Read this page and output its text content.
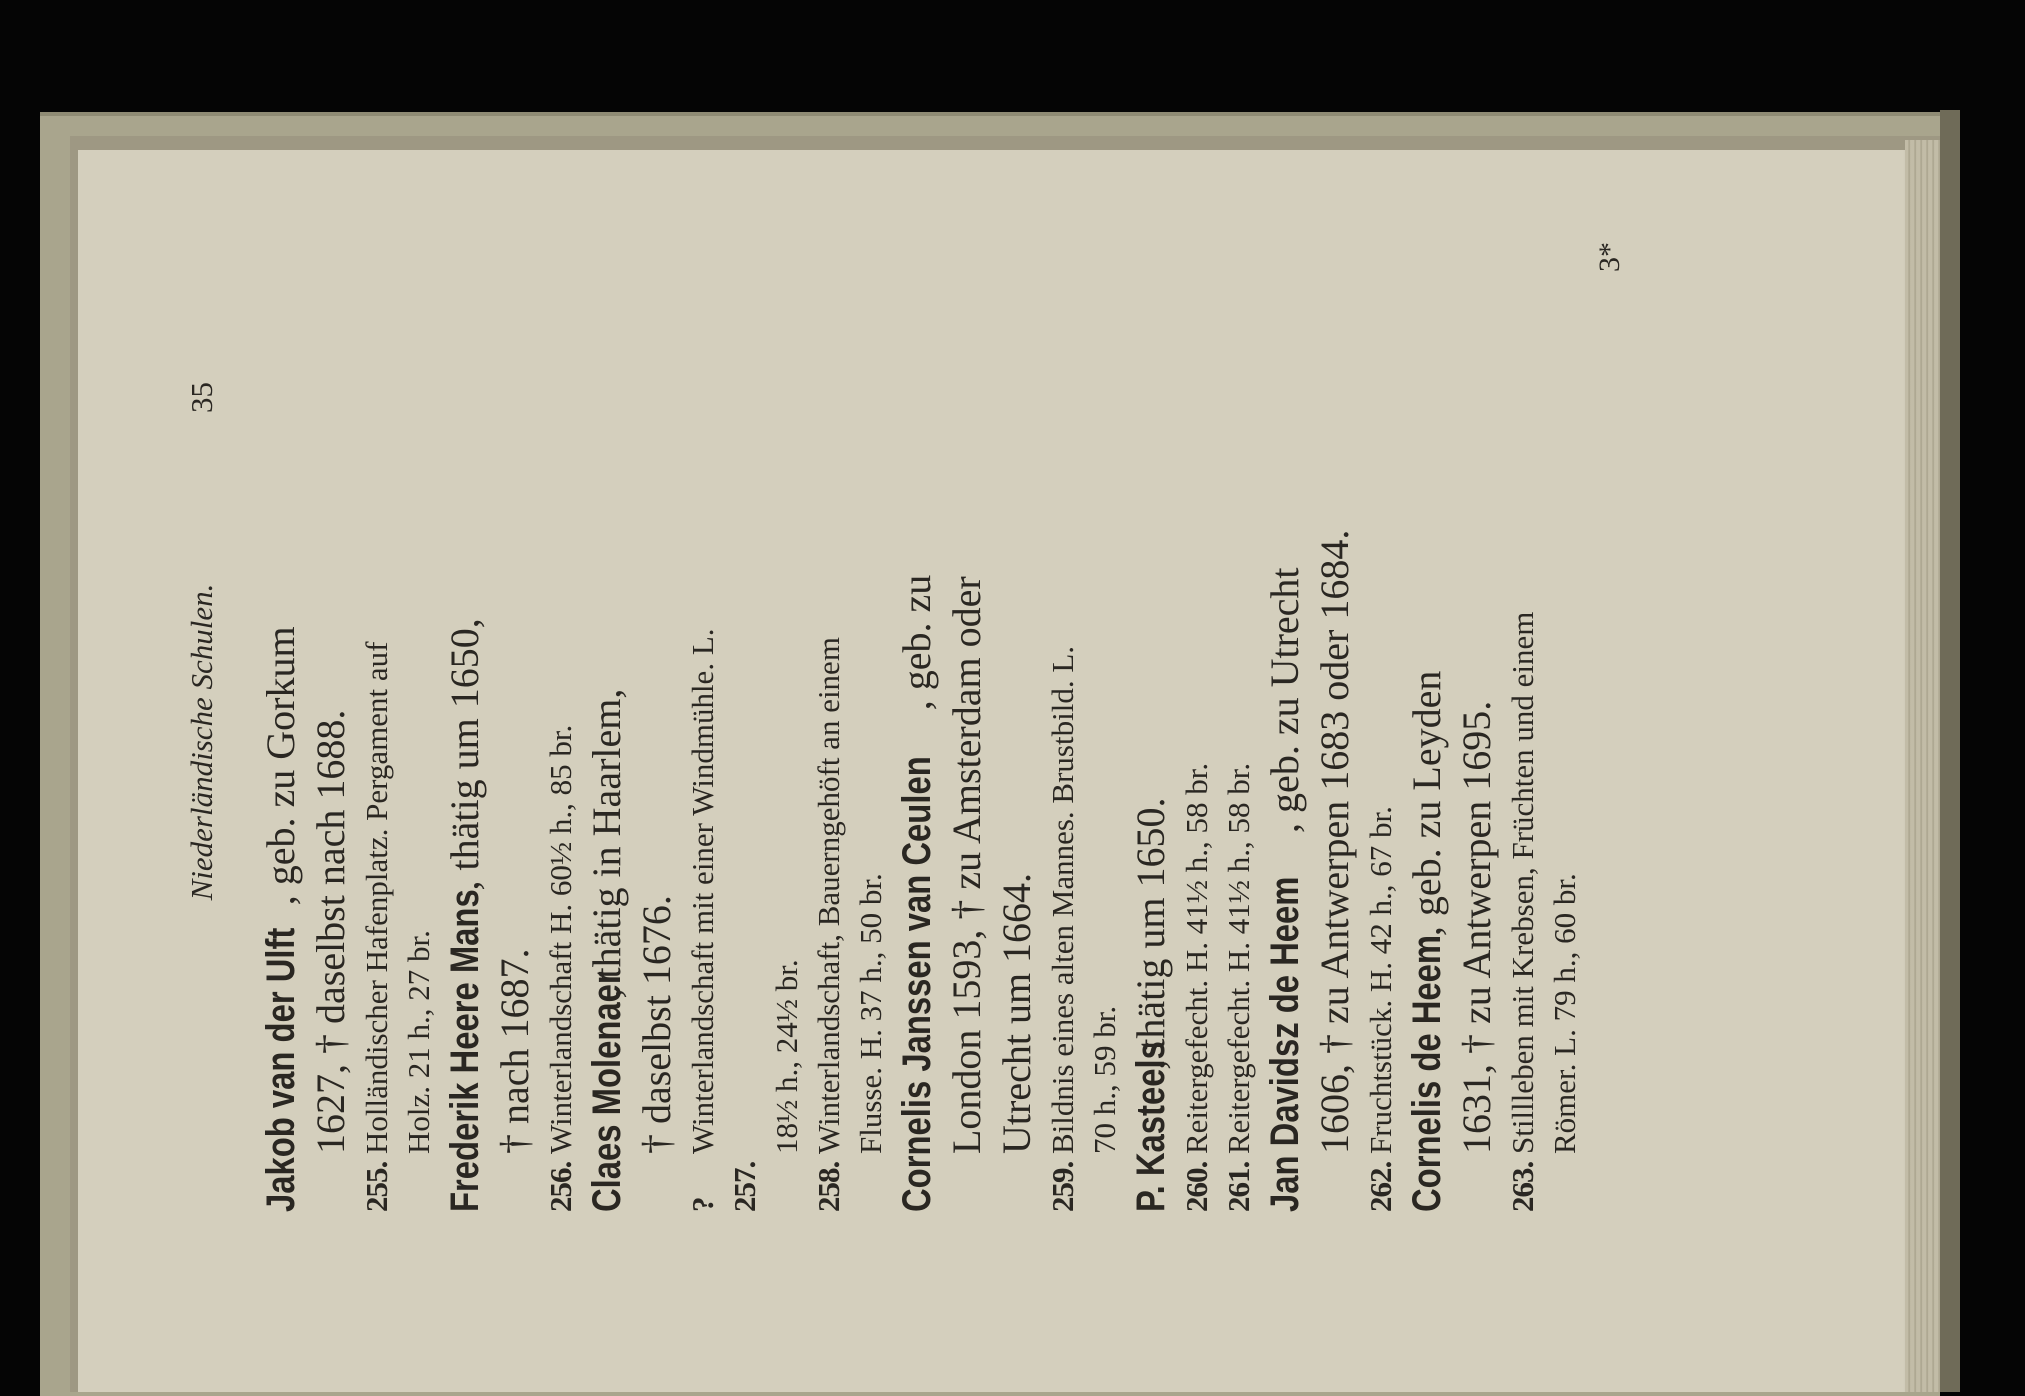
Niederländische Schulen.
35
Jakob van der Ulft, geb. zu Gorkum 1627, † daselbst nach 1688.
255.
Holländischer Hafenplatz. Pergament auf Holz. 21 h., 27 br. Frederik Heere Mans, thätig um 1650,
† nach 1687.
256.
Winterlandschaft H. 60½ h., 85 br. Claes Molenaer, thätig in Haarlem,
† daselbst 1676.
?257.
Winterlandschaft mit einer Windmühle. L.	18½ h., 24½ br.
258.
Winterlandschaft, Bauerngehöft an einem Flusse. H. 37 h., 50 br. Cornelis Janssen van Ceulen, geb. zu London 1593, † zu Amsterdam oder Utrecht um 1664.
259.
Bildnis eines alten Mannes. Brustbild. L. 70 h., 59 br. P. Kasteels, thätig um 1650.
260.
Reitergefecht. H. 41½ h., 58 br.
261.
Reitergefecht. H. 41½ h., 58 br. Jan Davidsz de Heem, geb. zu Utrecht 1606, † zu Antwerpen 1683 oder 1684.
262.
Fruchtstück. H. 42 h., 67 br. Cornelis de Heem, geb. zu Leyden 1631, † zu Antwerpen 1695.
263.
Stillleben mit Krebsen, Früchten und einem Römer. L. 79 h., 60 br.
3*
